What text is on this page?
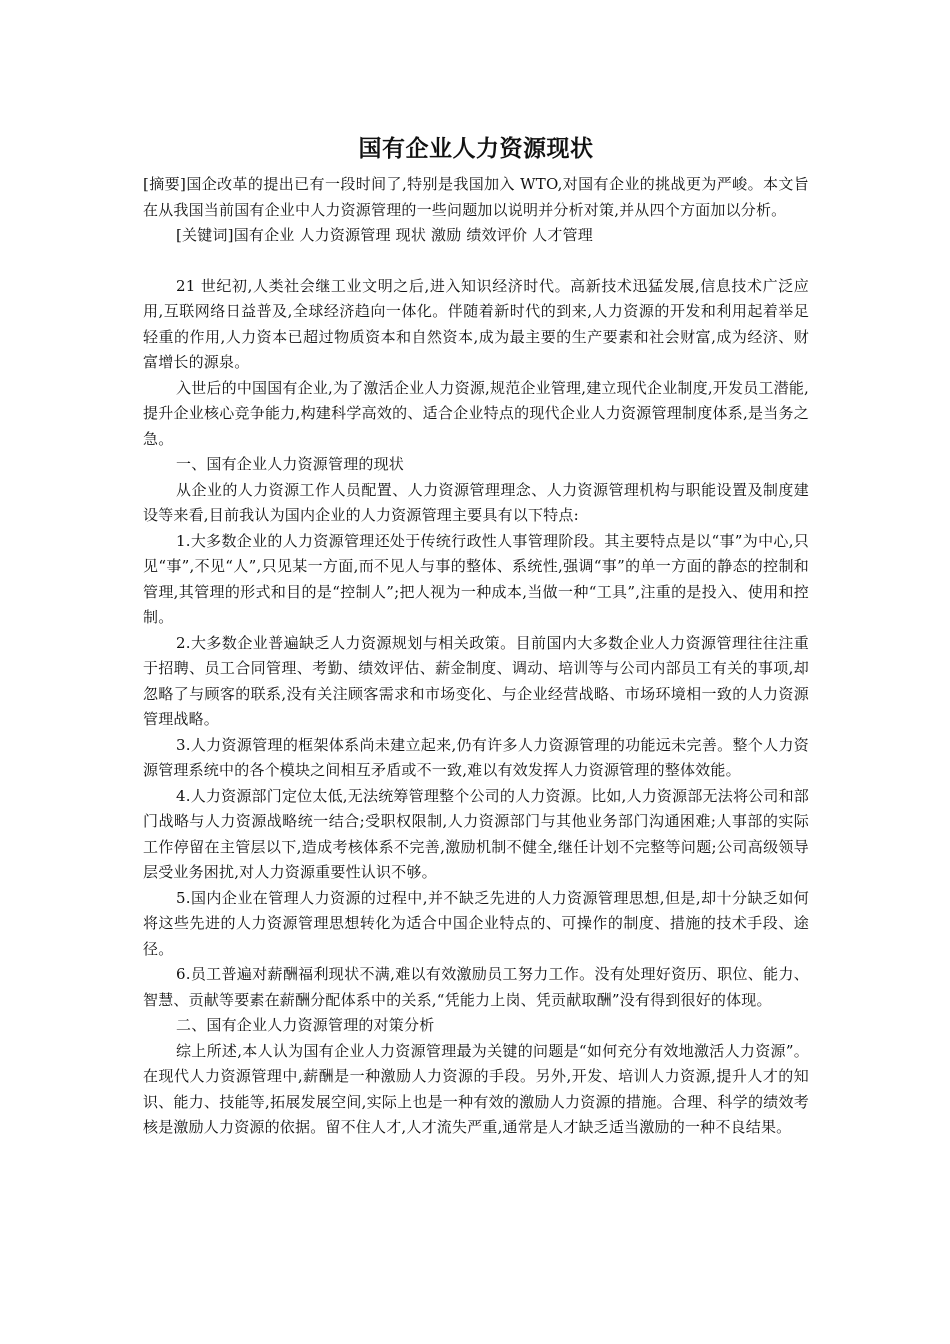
国有企业人力资源现状

[摘要]国企改革的提出已有一段时间了,特别是我国加入 WTO,对国有企业的挑战更为严峻。本文旨在从我国当前国有企业中人力资源管理的一些问题加以说明并分析对策,并从四个方面加以分析。

[关键词]国有企业 人力资源管理 现状 激励 绩效评价 人才管理

21 世纪初,人类社会继工业文明之后,进入知识经济时代。高新技术迅猛发展,信息技术广泛应用,互联网络日益普及,全球经济趋向一体化。伴随着新时代的到来,人力资源的开发和利用起着举足轻重的作用,人力资本已超过物质资本和自然资本,成为最主要的生产要素和社会财富,成为经济、财富增长的源泉。

入世后的中国国有企业,为了激活企业人力资源,规范企业管理,建立现代企业制度,开发员工潜能,提升企业核心竞争能力,构建科学高效的、适合企业特点的现代企业人力资源管理制度体系,是当务之急。

一、国有企业人力资源管理的现状

从企业的人力资源工作人员配置、人力资源管理理念、人力资源管理机构与职能设置及制度建设等来看,目前我认为国内企业的人力资源管理主要具有以下特点:

1.大多数企业的人力资源管理还处于传统行政性人事管理阶段。其主要特点是以“事”为中心,只见“事”,不见“人”,只见某一方面,而不见人与事的整体、系统性,强调“事”的单一方面的静态的控制和管理,其管理的形式和目的是“控制人”;把人视为一种成本,当做一种“工具”,注重的是投入、使用和控制。

2.大多数企业普遍缺乏人力资源规划与相关政策。目前国内大多数企业人力资源管理往往注重于招聘、员工合同管理、考勤、绩效评估、薪金制度、调动、培训等与公司内部员工有关的事项,却忽略了与顾客的联系,没有关注顾客需求和市场变化、与企业经营战略、市场环境相一致的人力资源管理战略。

3.人力资源管理的框架体系尚未建立起来,仍有许多人力资源管理的功能远未完善。整个人力资源管理系统中的各个模块之间相互矛盾或不一致,难以有效发挥人力资源管理的整体效能。

4.人力资源部门定位太低,无法统筹管理整个公司的人力资源。比如,人力资源部无法将公司和部门战略与人力资源战略统一结合;受职权限制,人力资源部门与其他业务部门沟通困难;人事部的实际工作停留在主管层以下,造成考核体系不完善,激励机制不健全,继任计划不完整等问题;公司高级领导层受业务困扰,对人力资源重要性认识不够。

5.国内企业在管理人力资源的过程中,并不缺乏先进的人力资源管理思想,但是,却十分缺乏如何将这些先进的人力资源管理思想转化为适合中国企业特点的、可操作的制度、措施的技术手段、途径。

6.员工普遍对薪酬福利现状不满,难以有效激励员工努力工作。没有处理好资历、职位、能力、智慧、贡献等要素在薪酬分配体系中的关系,“凭能力上岗、凭贡献取酬”没有得到很好的体现。

二、国有企业人力资源管理的对策分析

综上所述,本人认为国有企业人力资源管理最为关键的问题是“如何充分有效地激活人力资源”。在现代人力资源管理中,薪酬是一种激励人力资源的手段。另外,开发、培训人力资源,提升人才的知识、能力、技能等,拓展发展空间,实际上也是一种有效的激励人力资源的措施。合理、科学的绩效考核是激励人力资源的依据。留不住人才,人才流失严重,通常是人才缺乏适当激励的一种不良结果。
